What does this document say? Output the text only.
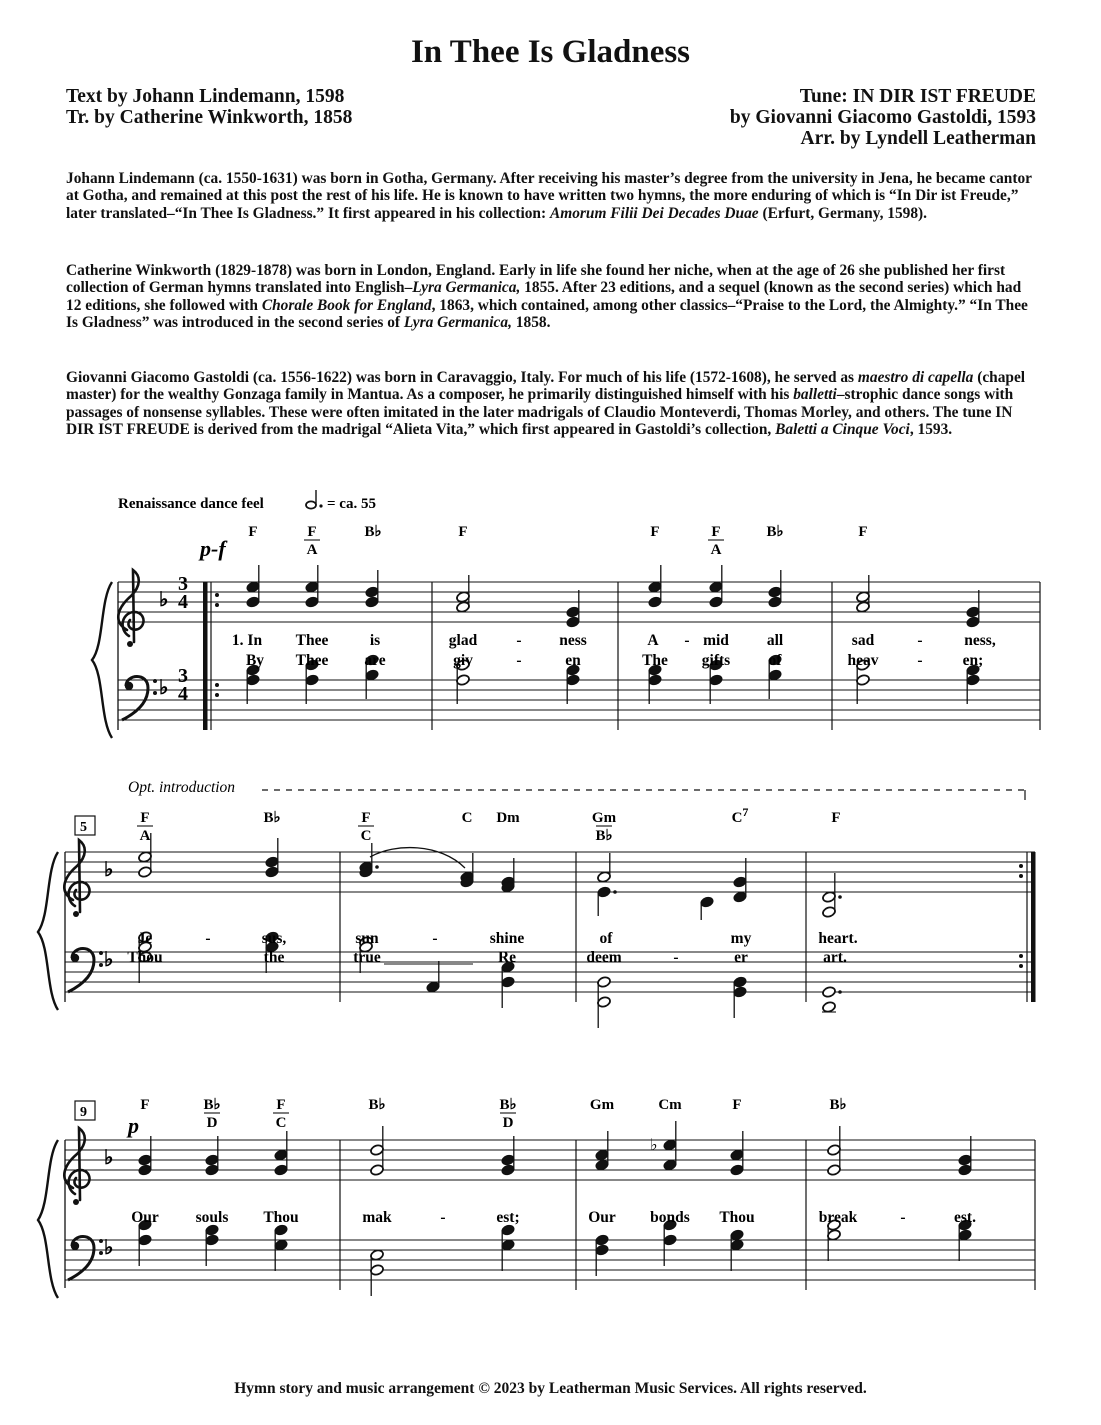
In Thee Is Gladness
Text by Johann Lindemann, 1598
Tr. by Catherine Winkworth, 1858
Tune: IN DIR IST FREUDE
by Giovanni Giacomo Gastoldi, 1593
Arr. by Lyndell Leatherman

Johann Lindemann (ca. 1550-1631) was born in Gotha, Germany. After receiving his master’s degree from the university in Jena, he became cantor at Gotha, and remained at this post the rest of his life. He is known to have written two hymns, the more enduring of which is “In Dir ist Freude,” later translated–“In Thee Is Gladness.” It first appeared in his collection: Amorum Filii Dei Decades Duae (Erfurt, Germany, 1598).

Catherine Winkworth (1829-1878) was born in London, England. Early in life she found her niche, when at the age of 26 she published her first collection of German hymns translated into English–Lyra Germanica, 1855. After 23 editions, and a sequel (known as the second series) which had 12 editions, she followed with Chorale Book for England, 1863, which contained, among other classics–“Praise to the Lord, the Almighty.” “In Thee Is Gladness” was introduced in the second series of Lyra Germanica, 1858.

Giovanni Giacomo Gastoldi (ca. 1556-1622) was born in Caravaggio, Italy. For much of his life (1572-1608), he served as maestro di capella (chapel master) for the wealthy Gonzaga family in Mantua. As a composer, he primarily distinguished himself with his balletti–strophic dance songs with passages of nonsense syllables. These were often imitated in the later madrigals of Claudio Monteverdi, Thomas Morley, and others. The tune IN DIR IST FREUDE is derived from the madrigal “Alieta Vita,” which first appeared in Gastoldi’s collection, Baletti a Cinque Voci, 1593.

Renaissance dance feel	= ca. 55
p-f
F	F
A
B♭	F	F	F
A
B♭	F
♭
♭
3
4
3
4
1. In Thee	is	glad	- ness	A - mid all	sad	-	ness,
By Thee are	giv	-	en	The gifts of	heav	-	en;
Opt. introduction
5
F
A
B♭	F
C
C Dm	Gm
B♭
$C^7$	F
♭
♭
Je	-	sus,	sun	-	shine	of	my	heart.
Thou	the	true	Re	deem	-	er	art.
9
p
F	B♭
D
F
C
B♭	B♭
D
Gm	Cm	F	B♭
♭
♭
♭
Our souls Thou	mak	-	est;	Our bonds Thou	break	-	est.
Hymn story and music arrangement © 2023 by Leatherman Music Services. All rights reserved.
